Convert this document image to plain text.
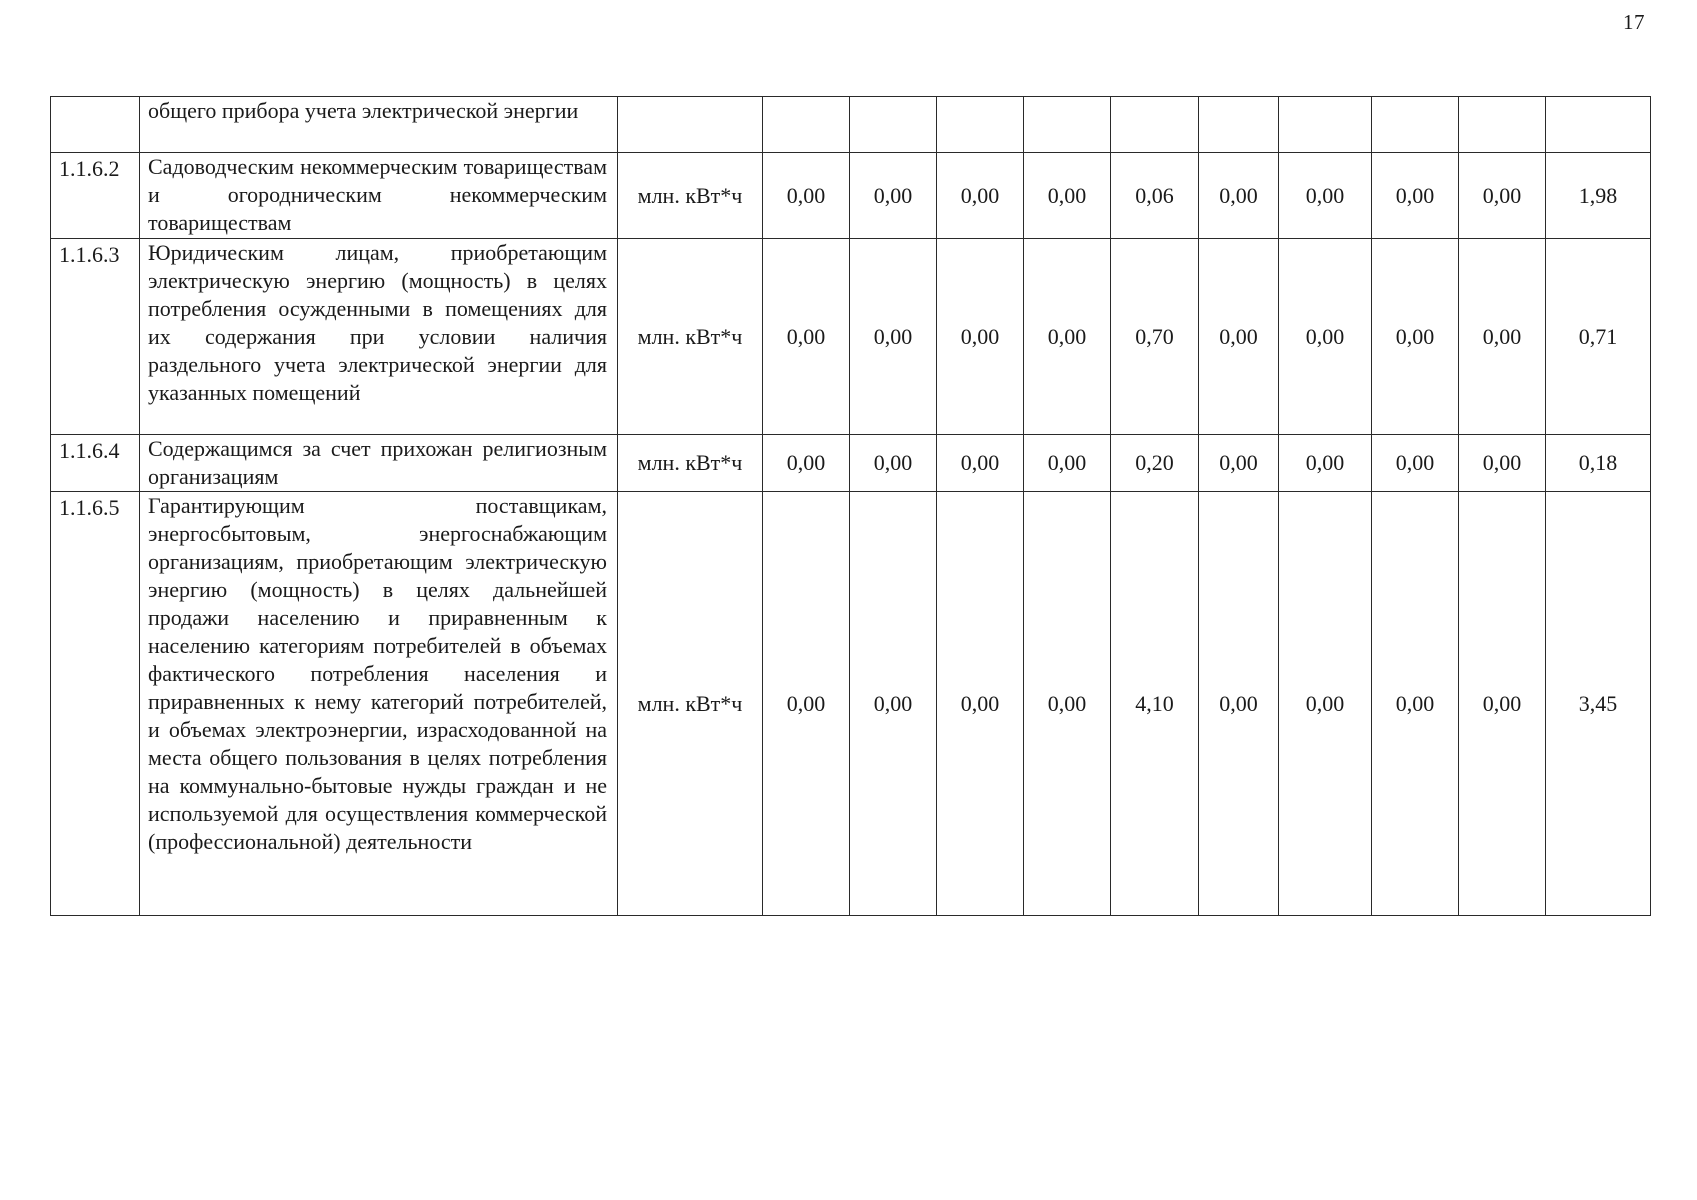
17
	общего прибора учета электрической энергии											
1.1.6.2	Садоводческим некоммерческим товариществам и огородническим некоммерческим товариществам	млн. кВт*ч	0,00	0,00	0,00	0,00	0,06	0,00	0,00	0,00	0,00	1,98
1.1.6.3	Юридическим лицам, приобретающим электрическую энергию (мощность) в целях потребления осужденными в помещениях для их содержания при условии наличия раздельного учета электрической энергии для указанных помещений	млн. кВт*ч	0,00	0,00	0,00	0,00	0,70	0,00	0,00	0,00	0,00	0,71
1.1.6.4	Содержащимся за счет прихожан религиозным организациям	млн. кВт*ч	0,00	0,00	0,00	0,00	0,20	0,00	0,00	0,00	0,00	0,18
1.1.6.5	Гарантирующим поставщикам, энергосбытовым, энергоснабжающим организациям, приобретающим электрическую энергию (мощность) в целях дальнейшей продажи населению и приравненным к населению категориям потребителей в объемах фактического потребления населения и приравненных к нему категорий потребителей, и объемах электроэнергии, израсходованной на места общего пользования в целях потребления на коммунально-бытовые нужды граждан и не используемой для осуществления коммерческой (профессиональной) деятельности	млн. кВт*ч	0,00	0,00	0,00	0,00	4,10	0,00	0,00	0,00	0,00	3,45
